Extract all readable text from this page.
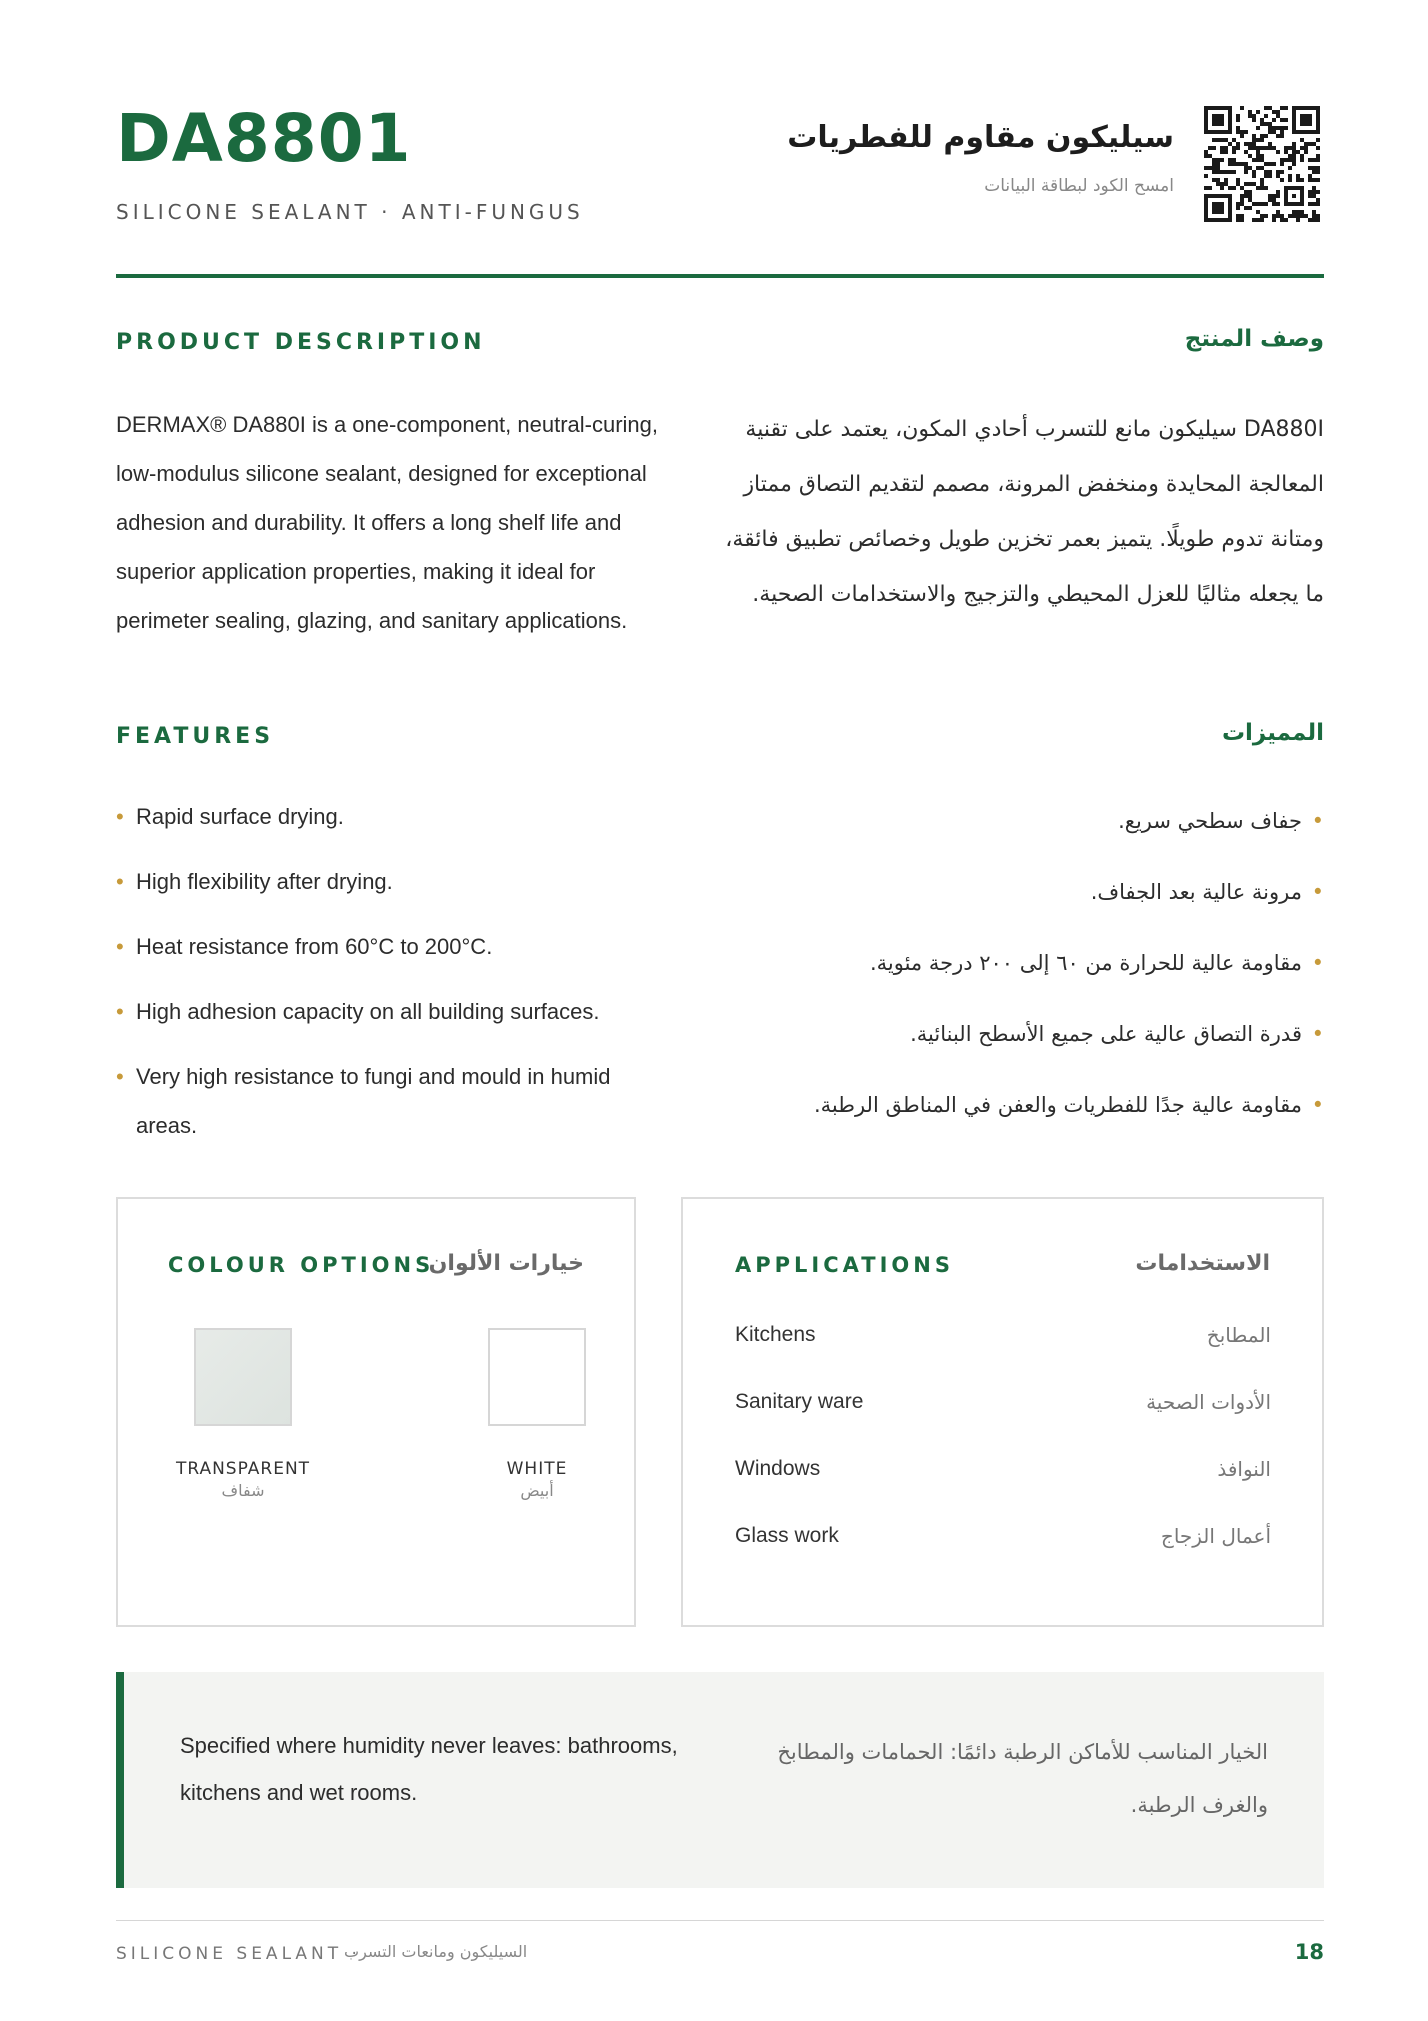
DA8801
SILICONE SEALANT · ANTI-FUNGUS
سيليكون مقاوم للفطريات
امسح الكود لبطاقة البيانات
PRODUCT DESCRIPTION	وصف المنتج

DERMAX® DA880I is a one-component, neutral-curing, low-modulus silicone sealant, designed for exceptional adhesion and durability. It offers a long shelf life and superior application properties, making it ideal for perimeter sealing, glazing, and sanitary applications.

DA880I سيليكون مانع للتسرب أحادي المكون، يعتمد على تقنية المعالجة المحايدة ومنخفض المرونة، مصمم لتقديم التصاق ممتاز ومتانة تدوم طويلًا. يتميز بعمر تخزين طويل وخصائص تطبيق فائقة، ما يجعله مثاليًا للعزل المحيطي والتزجيج والاستخدامات الصحية.

FEATURES	المميزات
• Rapid surface drying.
• High flexibility after drying.
• Heat resistance from 60°C to 200°C.
• High adhesion capacity on all building surfaces.
• Very high resistance to fungi and mould in humid areas.
• جفاف سطحي سريع.
• مرونة عالية بعد الجفاف.
• مقاومة عالية للحرارة من ٦٠ إلى ٢٠٠ درجة مئوية.
• قدرة التصاق عالية على جميع الأسطح البنائية.
• مقاومة عالية جدًا للفطريات والعفن في المناطق الرطبة.
COLOUR OPTIONS
خيارات الألوان
TRANSPARENT
شفاف
WHITE
أبيض
APPLICATIONS	الاستخدامات
Kitchens	المطابخ
Sanitary ware	الأدوات الصحية
Windows	النوافذ
Glass work	أعمال الزجاج

Specified where humidity never leaves: bathrooms, kitchens and wet rooms.

الخيار المناسب للأماكن الرطبة دائمًا: الحمامات والمطابخ والغرف الرطبة.

SILICONE SEALANT ·
السيليكون ومانعات التسرب	18
